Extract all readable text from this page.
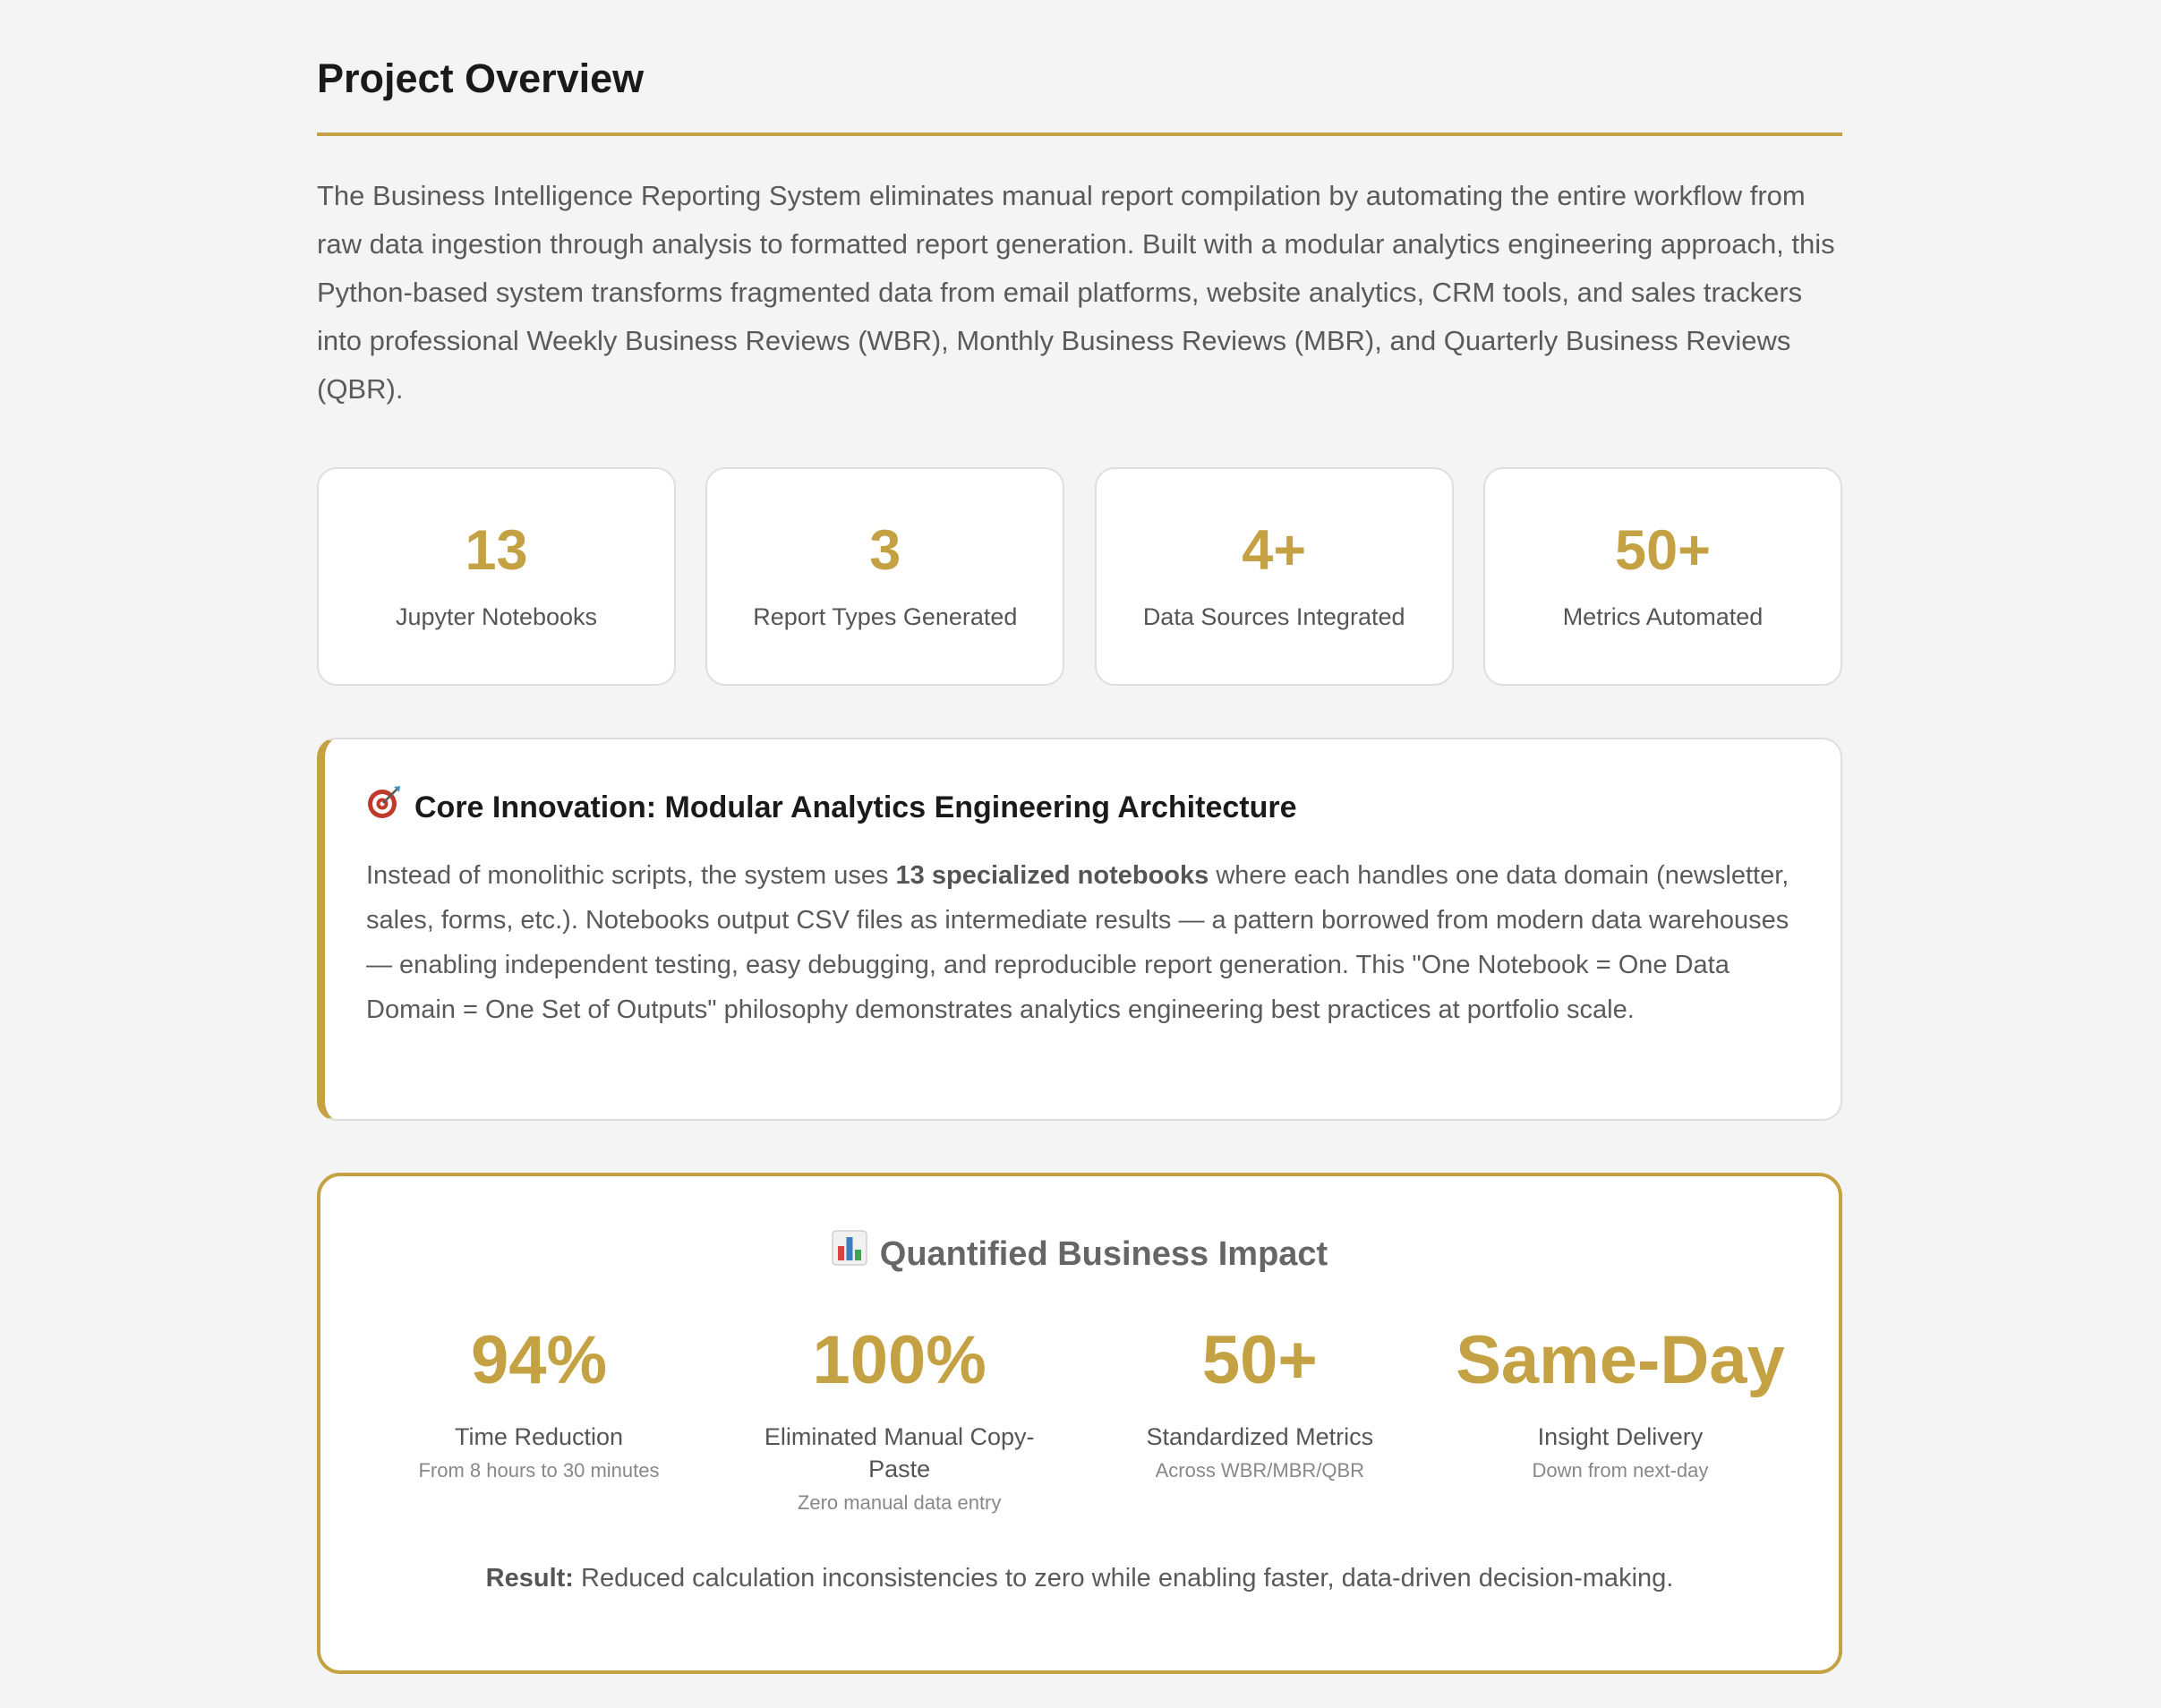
Project Overview

The Business Intelligence Reporting System eliminates manual report compilation by automating the entire workflow from raw data ingestion through analysis to formatted report generation. Built with a modular analytics engineering approach, this Python-based system transforms fragmented data from email platforms, website analytics, CRM tools, and sales trackers into professional Weekly Business Reviews (WBR), Monthly Business Reviews (MBR), and Quarterly Business Reviews (QBR).

13
Jupyter Notebooks
3
Report Types Generated
4+
Data Sources Integrated
50+
Metrics Automated
Core Innovation: Modular Analytics Engineering Architecture

Instead of monolithic scripts, the system uses 13 specialized notebooks where each handles one data domain (newsletter, sales, forms, etc.). Notebooks output CSV files as intermediate results — a pattern borrowed from modern data warehouses — enabling independent testing, easy debugging, and reproducible report generation. This "One Notebook = One Data Domain = One Set of Outputs" philosophy demonstrates analytics engineering best practices at portfolio scale.

Quantified Business Impact
94%
Time Reduction
From 8 hours to 30 minutes
100%
Eliminated Manual Copy-Paste
Zero manual data entry
50+
Standardized Metrics
Across WBR/MBR/QBR
Same-Day
Insight Delivery
Down from next-day

Result: Reduced calculation inconsistencies to zero while enabling faster, data-driven decision-making.
